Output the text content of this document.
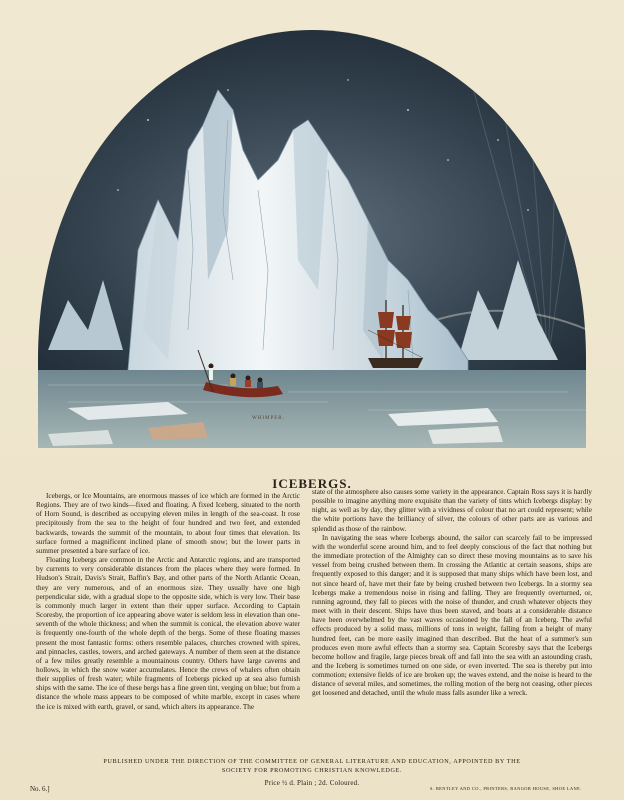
WHIMPER.
ICEBERGS.

Icebergs, or Ice Mountains, are enormous masses of ice which are formed in the Arctic Regions. They are of two kinds—fixed and floating. A fixed Iceberg, situated to the north of Horn Sound, is described as occupying eleven miles in length of the sea-coast. It rose precipitously from the sea to the height of four hundred and two feet, and extended backwards, towards the summit of the mountain, to about four times that elevation. Its surface formed a magnificent inclined plane of smooth snow; but the lower parts in summer presented a bare surface of ice.

Floating Icebergs are common in the Arctic and Antarctic regions, and are transported by currents to very considerable distances from the places where they were formed. In Hudson's Strait, Davis's Strait, Baffin's Bay, and other parts of the North Atlantic Ocean, they are very numerous, and of an enormous size. They usually have one high perpendicular side, with a gradual slope to the opposite side, which is very low. Their base is commonly much larger in extent than their upper surface. According to Captain Scoresby, the proportion of ice appearing above water is seldom less in elevation than one-seventh of the whole thickness; and when the summit is conical, the elevation above water is frequently one-fourth of the whole depth of the bergs. Some of these floating masses present the most fantastic forms: others resemble palaces, churches crowned with spires, and pinnacles, castles, towers, and arched gateways. A number of them seen at the distance of a few miles greatly resemble a mountainous country. Others have large caverns and hollows, in which the snow water accumulates. Hence the crews of whalers often obtain their supplies of fresh water; while fragments of Icebergs picked up at sea also furnish ships with the same. The ice of these bergs has a fine green tint, verging on blue; but from a distance the whole mass appears to be composed of white marble, except in cases where the ice is mixed with earth, gravel, or sand, which alters its appearance. The

state of the atmosphere also causes some variety in the appearance. Captain Ross says it is hardly possible to imagine anything more exquisite than the variety of tints which Icebergs display: by night, as well as by day, they glitter with a vividness of colour that no art could represent; while the white portions have the brilliancy of silver, the colours of other parts are as various and splendid as those of the rainbow.

In navigating the seas where Icebergs abound, the sailor can scarcely fail to be impressed with the wonderful scene around him, and to feel deeply conscious of the fact that nothing but the immediate protection of the Almighty can so direct these moving mountains as to save his vessel from being crushed between them. In crossing the Atlantic at certain seasons, ships are frequently exposed to this danger; and it is supposed that many ships which have been lost, and not since heard of, have met their fate by being crushed between two Icebergs. In a stormy sea Icebergs make a tremendous noise in rising and falling. They are frequently overturned, or, running aground, they fall to pieces with the noise of thunder, and crush whatever objects they meet with in their descent. Ships have thus been staved, and boats at a considerable distance have been overwhelmed by the vast waves occasioned by the fall of an Iceberg. The awful effects produced by a solid mass, millions of tons in weight, falling from a height of many hundred feet, can be more easily imagined than described. But the heat of a summer's sun produces even more awful effects than a stormy sea. Captain Scoresby says that the Icebergs become hollow and fragile, large pieces break off and fall into the sea with an astounding crash, and the Iceberg is sometimes turned on one side, or even inverted. The sea is thereby put into commotion; extensive fields of ice are broken up; the waves extend, and the noise is heard to the distance of several miles, and sometimes, the rolling motion of the berg not ceasing, other pieces get loosened and detached, until the whole mass falls asunder like a wreck.

PUBLISHED UNDER THE DIRECTION OF THE COMMITTEE OF GENERAL LITERATURE AND EDUCATION, APPOINTED BY THE
SOCIETY FOR PROMOTING CHRISTIAN KNOWLEDGE.
Price ½ d. Plain ; 2d. Coloured.
No. 6.]	S. BENTLEY AND CO., PRINTERS, BANGOR HOUSE, SHOE LANE.
